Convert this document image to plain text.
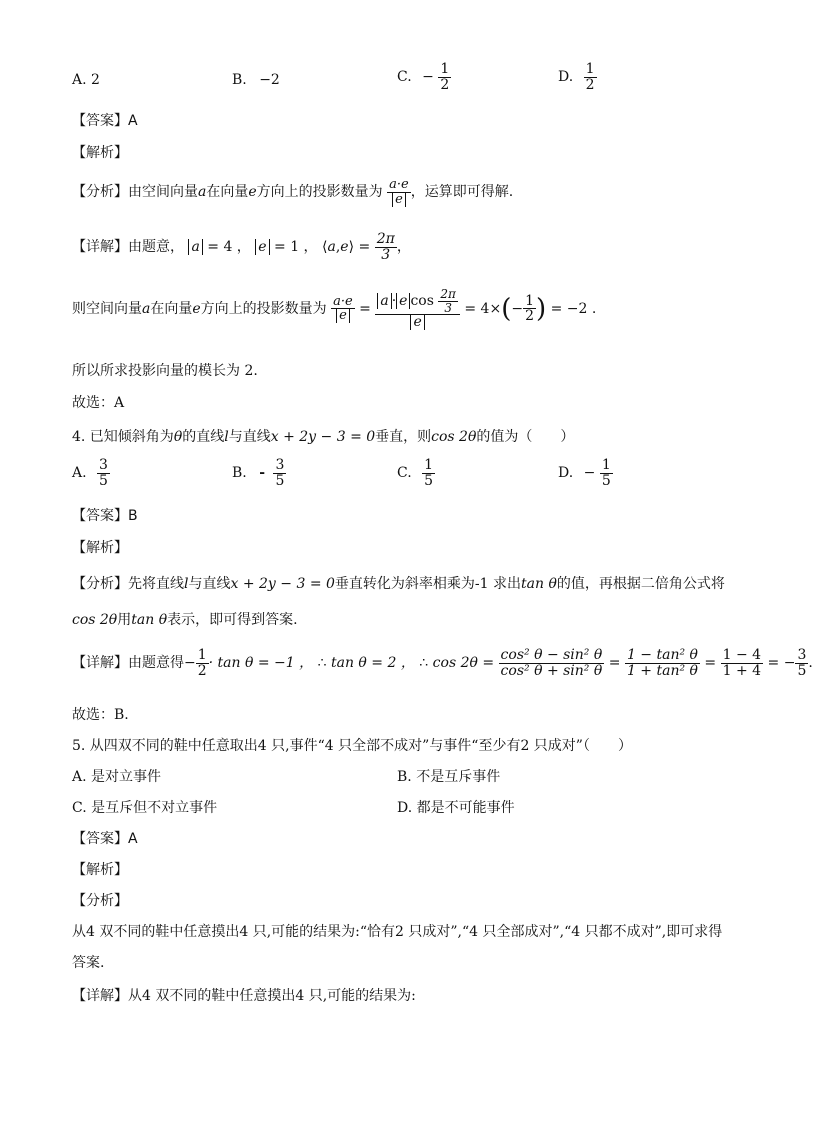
A. 2	B. −2	C. − $\frac{1}{2}$	D. $\frac{1}{2}$
【答案】A
【解析】
【分析】由空间向量a在向量e方向上的投影数量为 $\frac{a\cdot e}{e}$ ，运算即可得解.
【详解】由题意， a = 4 ， e = 1 ， ⟨a,e⟩ = $\frac{2\pi}{3}$ ，
则空间向量a在向量e方向上的投影数量为 $\frac{a\cdot e}{e} = \frac{a \cdot e \cos \frac{2\pi}{3}}{e} = 4\times(- \frac{1}{2}$ ) = −2 .
所以所求投影向量的模长为 2.
故选：A
4. 已知倾斜角为θ的直线l与直线x + 2y − 3 = 0垂直，则cos 2θ的值为（　　）
A. $\frac{3}{5}$	B. - $\frac{3}{5}$	C. $\frac{1}{5}$	D. − $\frac{1}{5}$
【答案】B
【解析】
【分析】先将直线l与直线x + 2y − 3 = 0垂直转化为斜率相乘为-1 求出tan θ的值，再根据二倍角公式将
cos 2θ用tan θ表示，即可得到答案.
【详解】由题意得− $\frac{1}{2} \cdot \tan \theta = -1$ ， ∴ tan θ = 2 ， ∴ $\cos 2\theta = \frac{\text{cos² θ − sin² θ}}{\text{cos² θ + sin² θ}} = \frac{\text{1 − tan² θ}}{\text{1 + tan² θ}} = \frac{1 - 4}{1 + 4}$ = − $\frac{3}{5}$ .
故选：B.
5. 从四双不同的鞋中任意取出4 只,事件“4 只全部不成对”与事件“至少有2 只成对”（　　）
A. 是对立事件	B. 不是互斥事件
C. 是互斥但不对立事件	D. 都是不可能事件
【答案】A
【解析】
【分析】
从4 双不同的鞋中任意摸出4 只,可能的结果为:“恰有2 只成对”,“4 只全部成对”,“4 只都不成对”,即可求得
答案.
【详解】从4 双不同的鞋中任意摸出4 只,可能的结果为:
